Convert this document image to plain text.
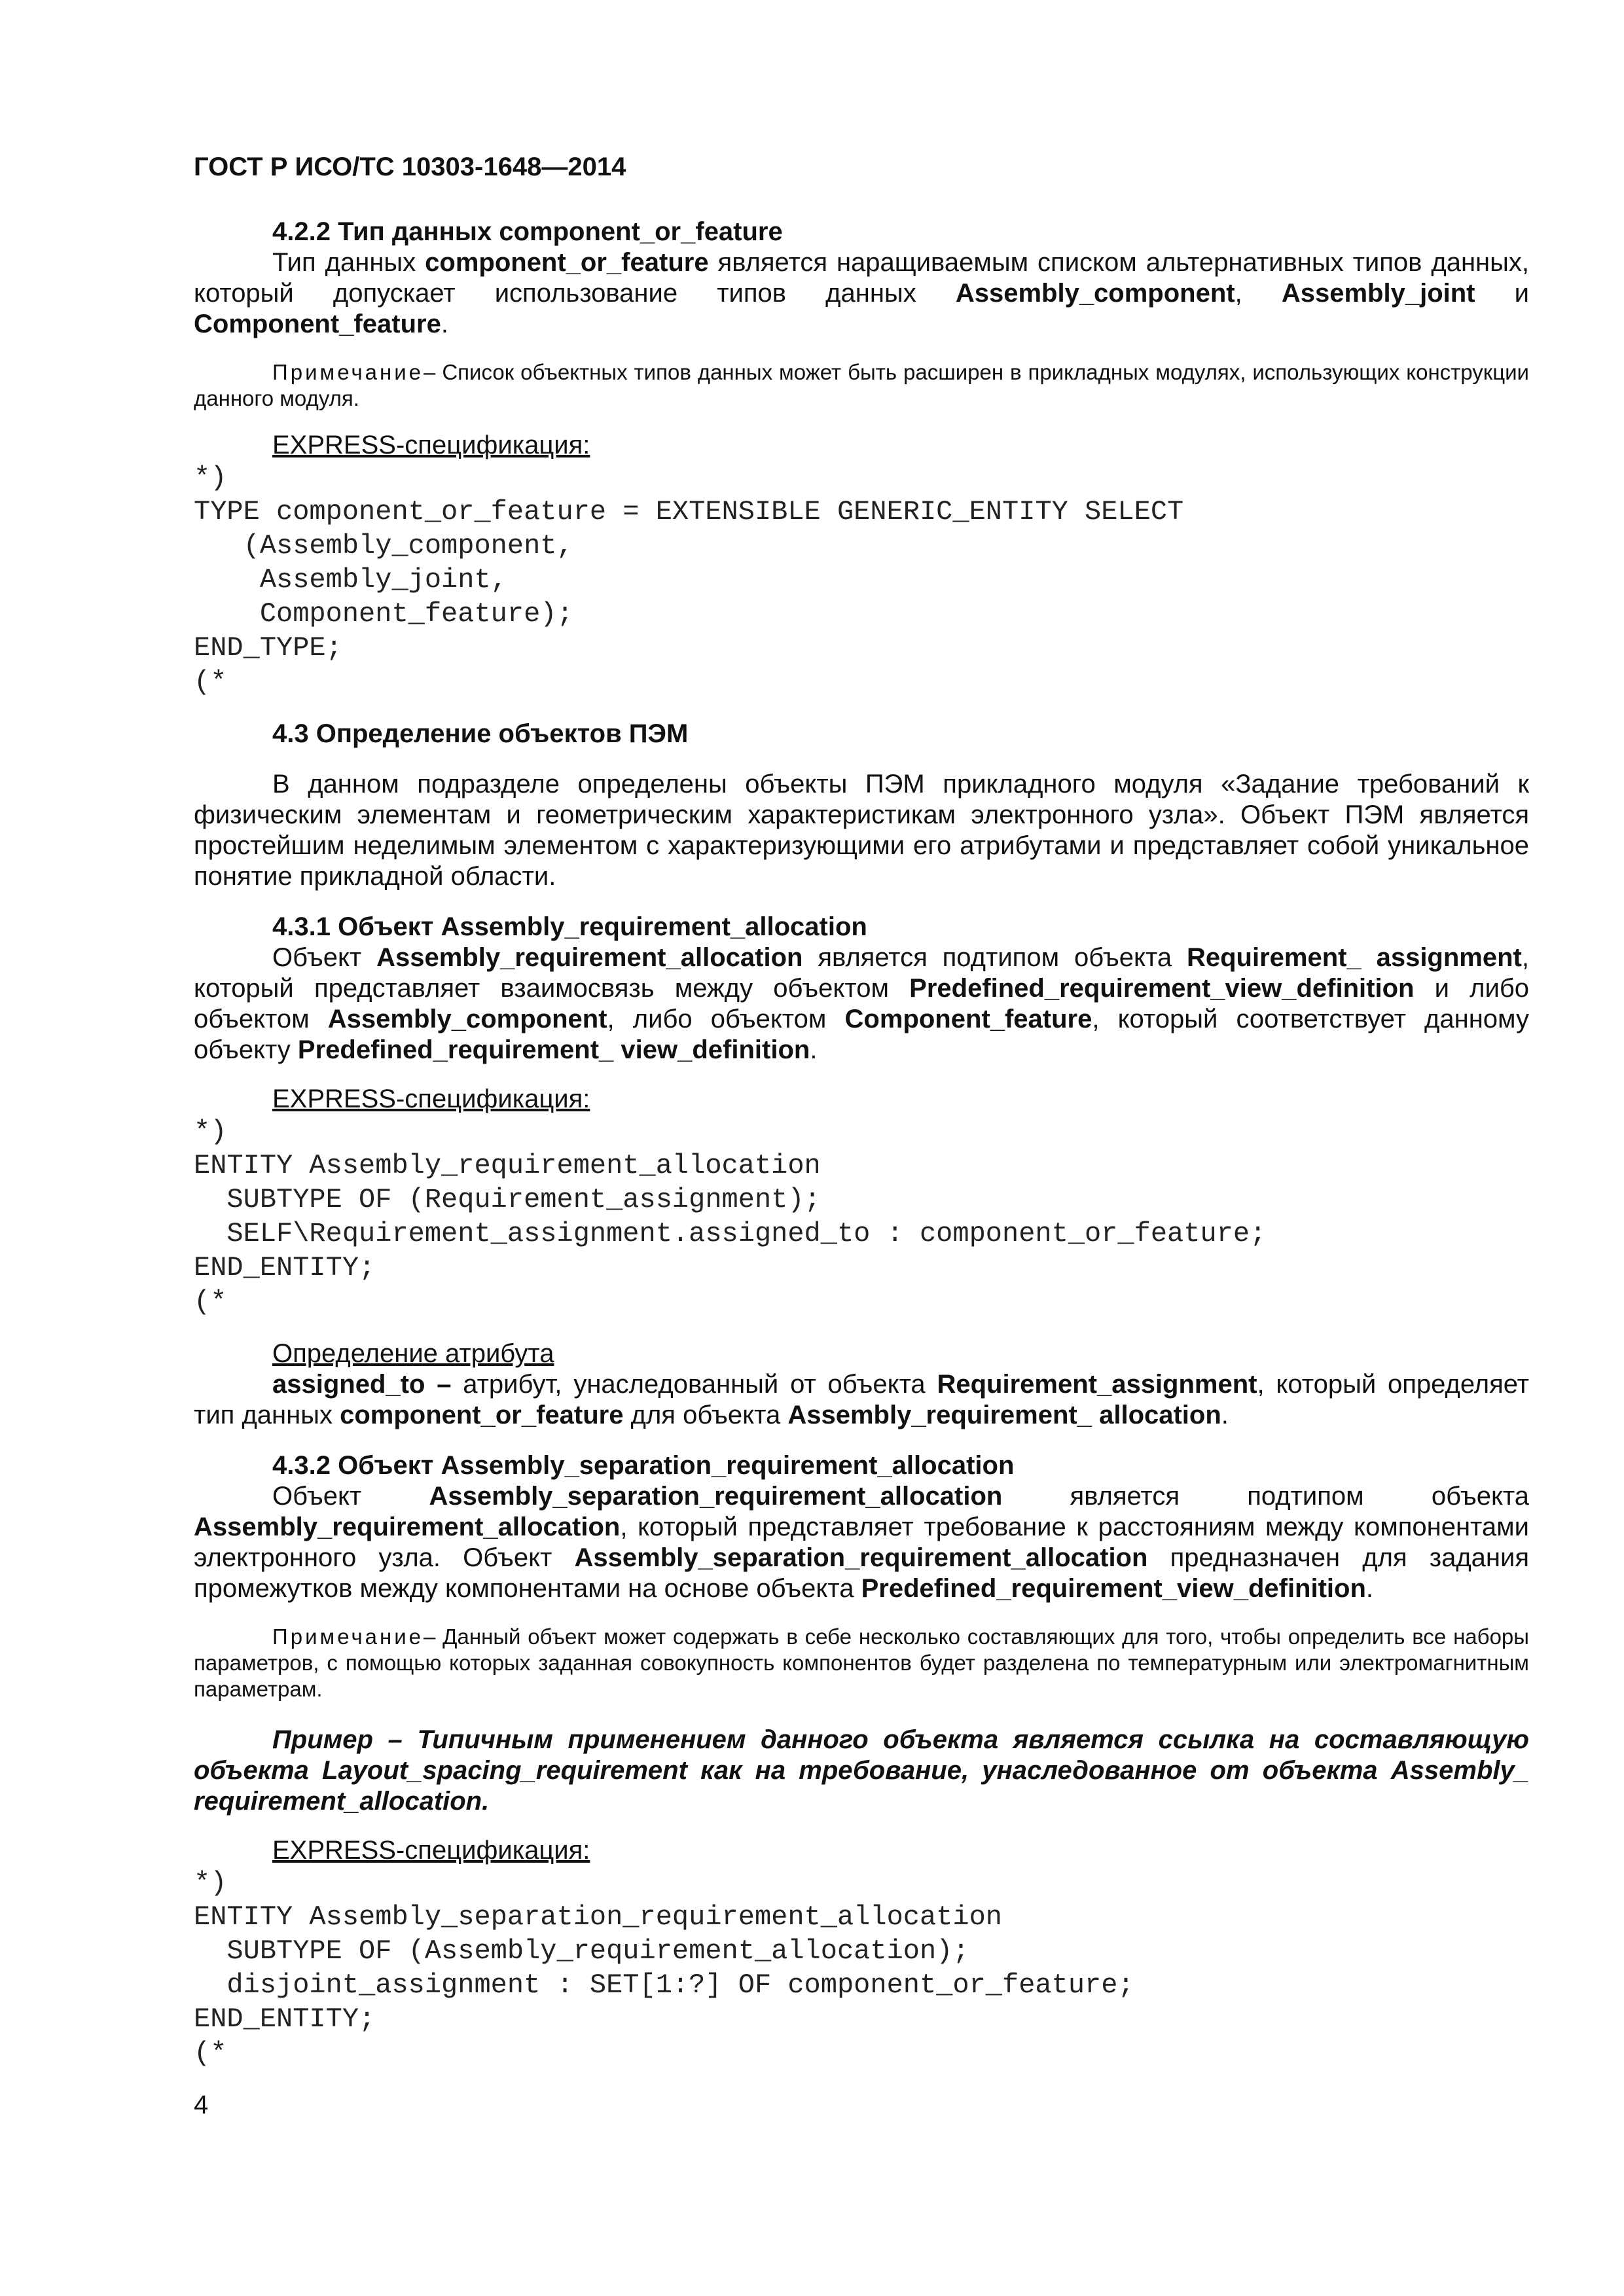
ГОСТ Р ИСО/ТС 10303-1648—2014
4.2.2 Тип данных component_or_feature

Тип данных component_or_feature является наращиваемым списком альтернативных типов данных, который допускает использование типов данных Assembly_component, Assembly_joint и Component_feature.

Примечание– Список объектных типов данных может быть расширен в прикладных модулях, использующих конструкции данного модуля.

EXPRESS-спецификация:
*)
TYPE component_or_feature = EXTENSIBLE GENERIC_ENTITY SELECT
(Assembly_component,
Assembly_joint,
Component_feature);
END_TYPE;
(*
4.3 Определение объектов ПЭМ

В данном подразделе определены объекты ПЭМ прикладного модуля «Задание требований к физическим элементам и геометрическим характеристикам электронного узла». Объект ПЭМ является простейшим неделимым элементом с характеризующими его атрибутами и представляет собой уникальное понятие прикладной области.

4.3.1 Объект Assembly_requirement_allocation

Объект Assembly_requirement_allocation является подтипом объекта Requirement_ assignment, который представляет взаимосвязь между объектом Predefined_requirement_view_definition и либо объектом Assembly_component, либо объектом Component_feature, который соответствует данному объекту Predefined_requirement_ view_definition.

EXPRESS-спецификация:
*)
ENTITY Assembly_requirement_allocation
SUBTYPE OF (Requirement_assignment);
SELF\Requirement_assignment.assigned_to : component_or_feature;
END_ENTITY;
(*
Определение атрибута

assigned_to – атрибут, унаследованный от объекта Requirement_assignment, который определяет тип данных component_or_feature для объекта Assembly_requirement_ allocation.

4.3.2 Объект Assembly_separation_requirement_allocation

Объект Assembly_separation_requirement_allocation является подтипом объекта Assembly_requirement_allocation, который представляет требование к расстояниям между компонентами электронного узла. Объект Assembly_separation_requirement_allocation предназначен для задания промежутков между компонентами на основе объекта Predefined_requirement_view_definition.

Примечание– Данный объект может содержать в себе несколько составляющих для того, чтобы определить все наборы параметров, с помощью которых заданная совокупность компонентов будет разделена по температурным или электромагнитным параметрам.

Пример – Типичным применением данного объекта является ссылка на составляющую объекта Layout_spacing_requirement как на требование, унаследованное от объекта Assembly_ requirement_allocation.

EXPRESS-спецификация:
*)
ENTITY Assembly_separation_requirement_allocation
SUBTYPE OF (Assembly_requirement_allocation);
disjoint_assignment : SET[1:?] OF component_or_feature;
END_ENTITY;
(*
4
